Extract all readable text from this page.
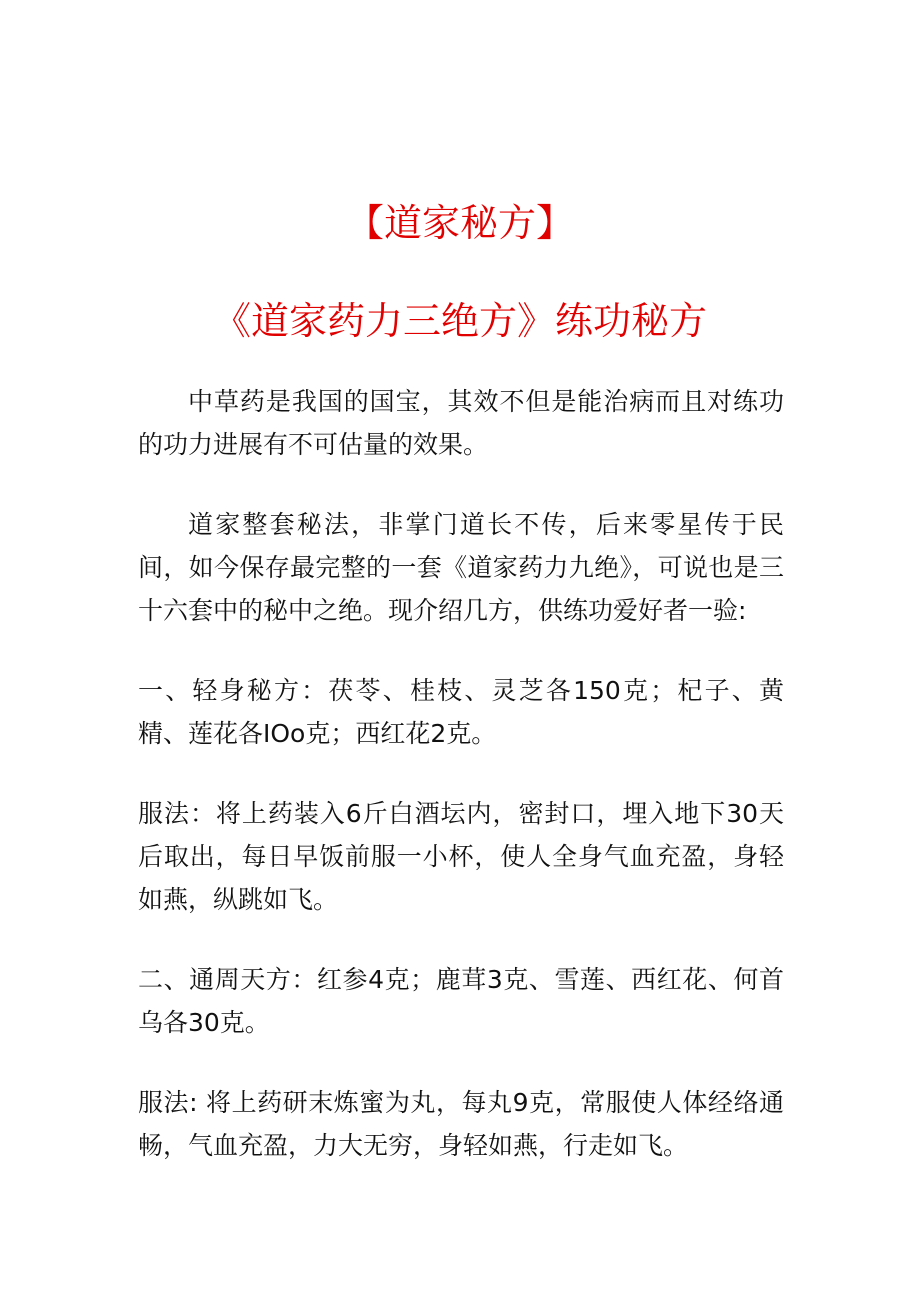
【道家秘方】
《道家药力三绝方》练功秘方

中草药是我国的国宝，其效不但是能治病而且对练功的功力进展有不可估量的效果。

道家整套秘法，非掌门道长不传，后来零星传于民间，如今保存最完整的一套《道家药力九绝》，可说也是三十六套中的秘中之绝。现介绍几方，供练功爱好者一验:

一、轻身秘方：茯苓、桂枝、灵芝各150克；杞子、黄精、莲花各IOo克；西红花2克。

服法：将上药装入6斤白酒坛内，密封口，埋入地下30天后取出，每日早饭前服一小杯，使人全身气血充盈，身轻如燕，纵跳如飞。

二、通周天方：红参4克；鹿茸3克、雪莲、西红花、何首乌各30克。

服法: 将上药研末炼蜜为丸，每丸9克，常服使人体经络通畅，气血充盈，力大无穷，身轻如燕，行走如飞。
